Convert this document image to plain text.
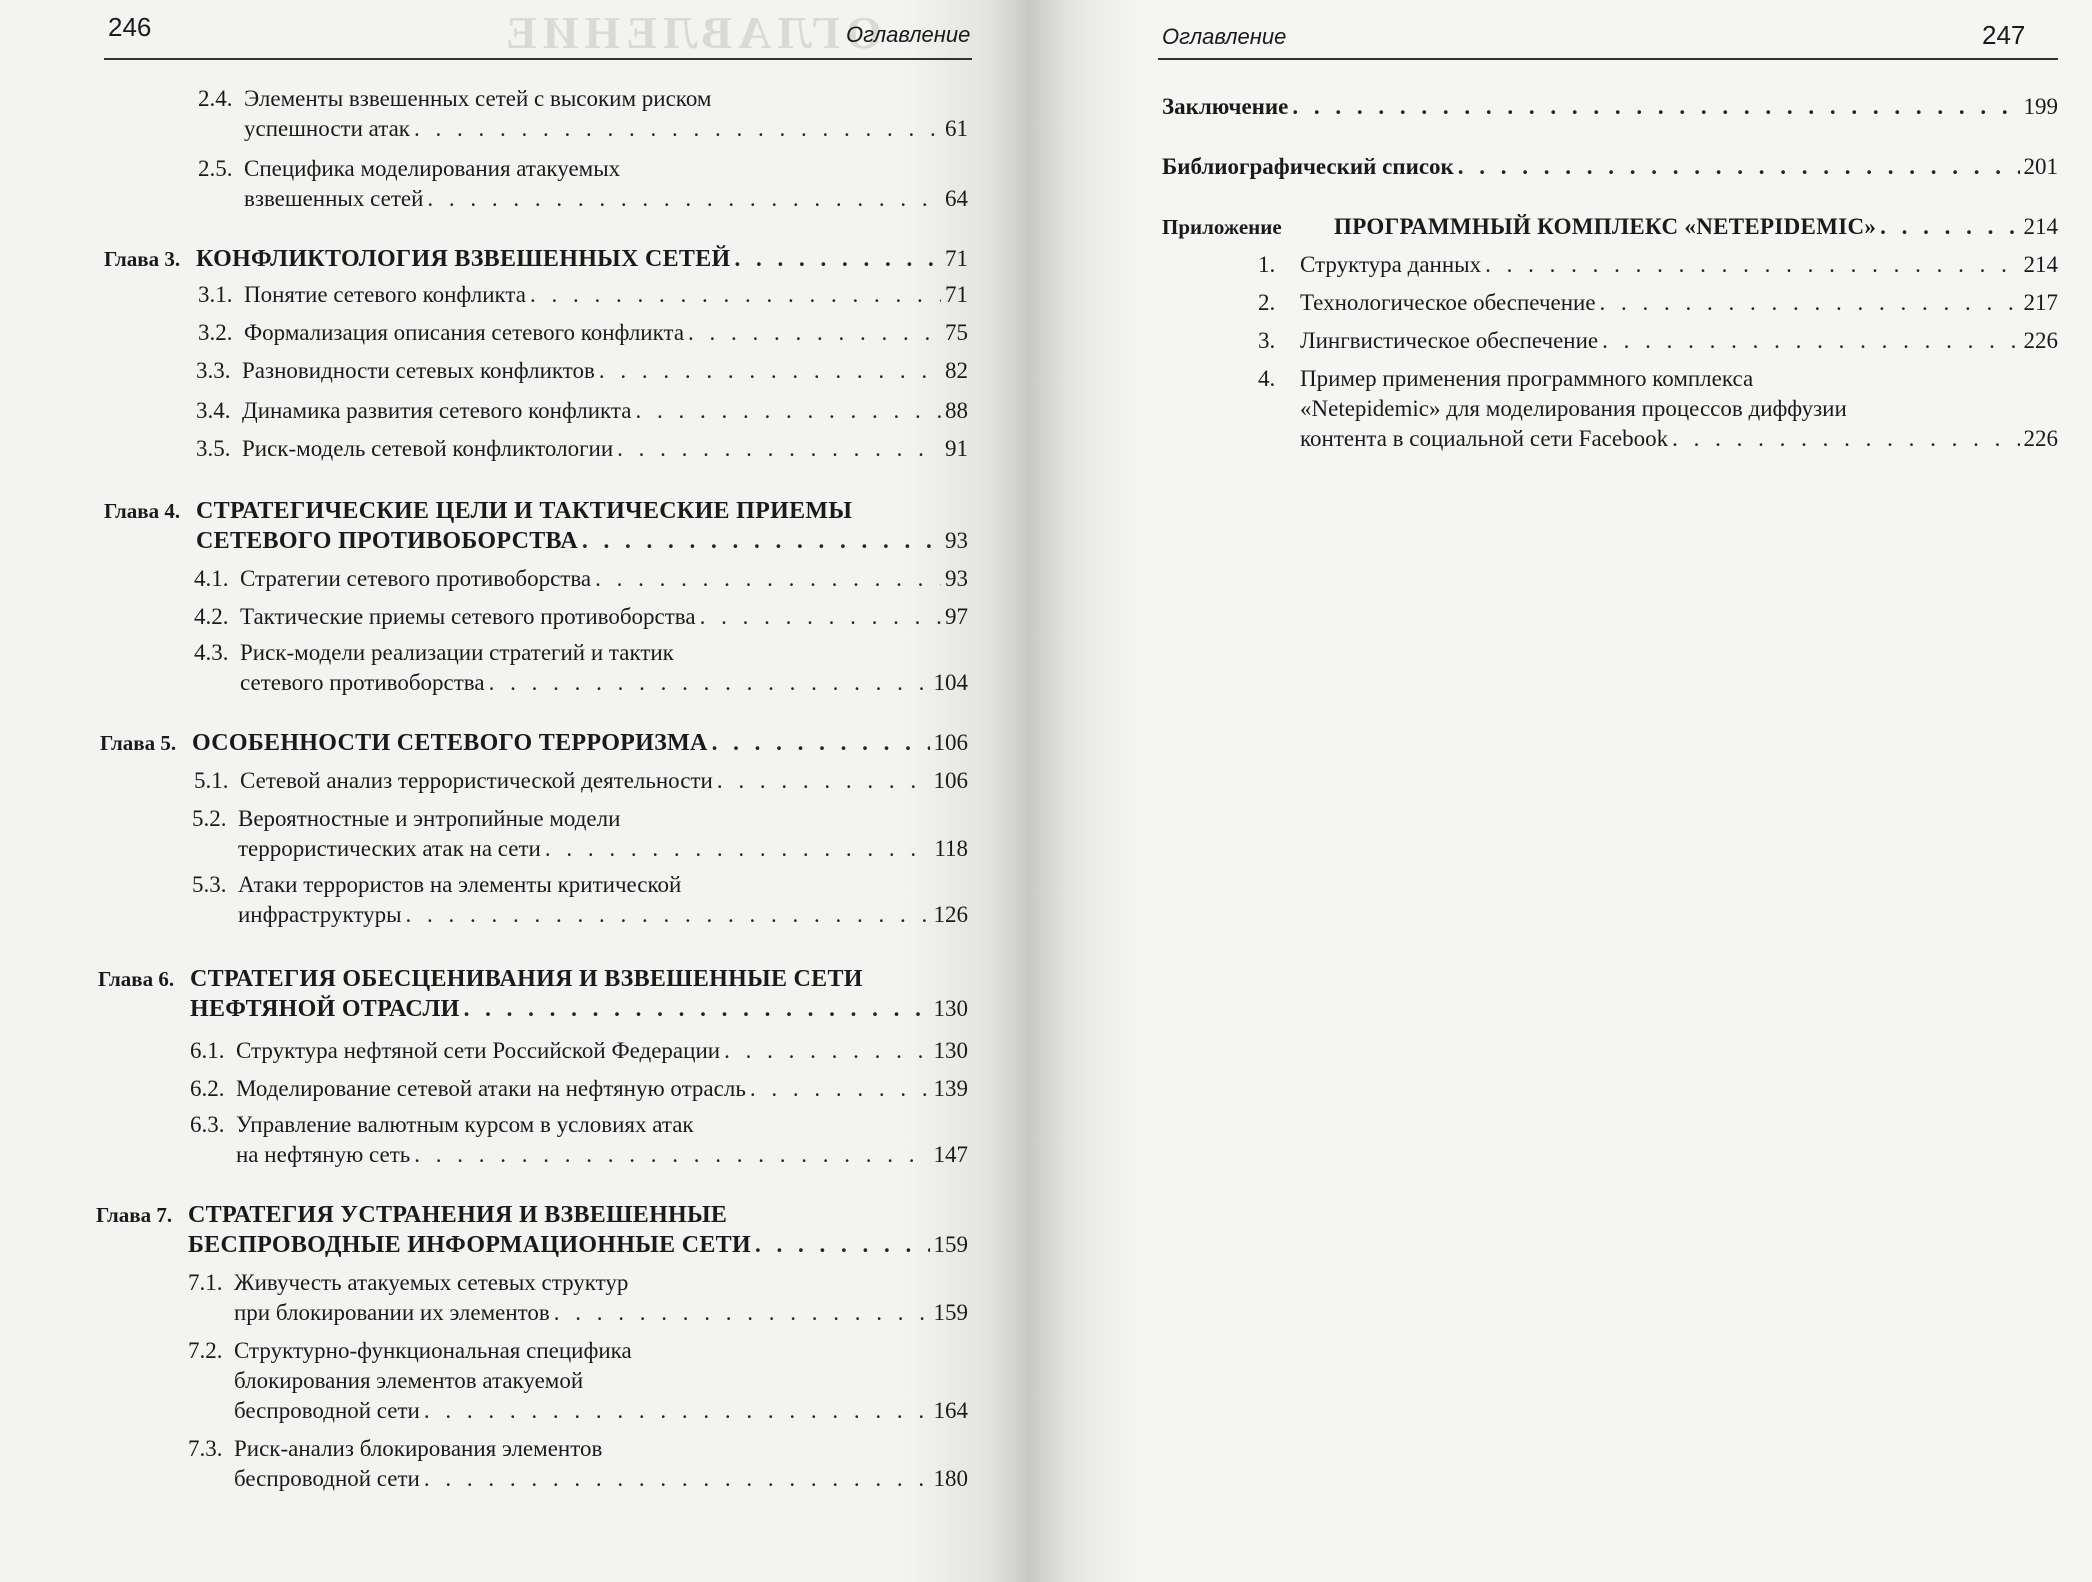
ОГЛАВЛЕНИЕ
246	Оглавление
2.4. Элементы взвешенных сетей с высоким риском
успешности атак . . .	61
2.5. Специфика моделирования атакуемых
взвешенных сетей . . .	64
Глава 3. КОНФЛИКТОЛОГИЯ ВЗВЕШЕННЫХ СЕТЕЙ . . .	71
3.1. Понятие сетевого конфликта . . .	71
3.2. Формализация описания сетевого конфликта . . .	75
3.3. Разновидности сетевых конфликтов . . .	82
3.4. Динамика развития сетевого конфликта . . .	88
3.5. Риск-модель сетевой конфликтологии . . .	91
Глава 4. СТРАТЕГИЧЕСКИЕ ЦЕЛИ И ТАКТИЧЕСКИЕ ПРИЕМЫ
СЕТЕВОГО ПРОТИВОБОРСТВА . . .	93
4.1. Стратегии сетевого противоборства . . .	93
4.2. Тактические приемы сетевого противоборства . . .	97
4.3. Риск-модели реализации стратегий и тактик
сетевого противоборства . . .	104
Глава 5. ОСОБЕННОСТИ СЕТЕВОГО ТЕРРОРИЗМА . . .	106
5.1. Сетевой анализ террористической деятельности . . .	106
5.2. Вероятностные и энтропийные модели
террористических атак на сети . . .	118
5.3. Атаки террористов на элементы критической
инфраструктуры . . .	126
Глава 6. СТРАТЕГИЯ ОБЕСЦЕНИВАНИЯ И ВЗВЕШЕННЫЕ СЕТИ
НЕФТЯНОЙ ОТРАСЛИ . . .	130
6.1. Структура нефтяной сети Российской Федерации . . .	130
6.2. Моделирование сетевой атаки на нефтяную отрасль . . .	139
6.3. Управление валютным курсом в условиях атак
на нефтяную сеть . . .	147
Глава 7. СТРАТЕГИЯ УСТРАНЕНИЯ И ВЗВЕШЕННЫЕ
БЕСПРОВОДНЫЕ ИНФОРМАЦИОННЫЕ СЕТИ . . .	159
7.1. Живучесть атакуемых сетевых структур
при блокировании их элементов . . .	159
7.2. Структурно-функциональная специфика
блокирования элементов атакуемой
беспроводной сети . . .	164
7.3. Риск-анализ блокирования элементов
беспроводной сети . . .	180
Оглавление	247
Заключение . . .	199
Библиографический список . . .	201
Приложение	ПРОГРАММНЫЙ КОМПЛЕКС «NETEPIDEMIC» . . .	214
1.	Структура данных . . .	214
2.	Технологическое обеспечение . . .	217
3.	Лингвистическое обеспечение . . .	226
4.	Пример применения программного комплекса
«Netepidemic» для моделирования процессов диффузии
контента в социальной сети Facebook . . .	226
